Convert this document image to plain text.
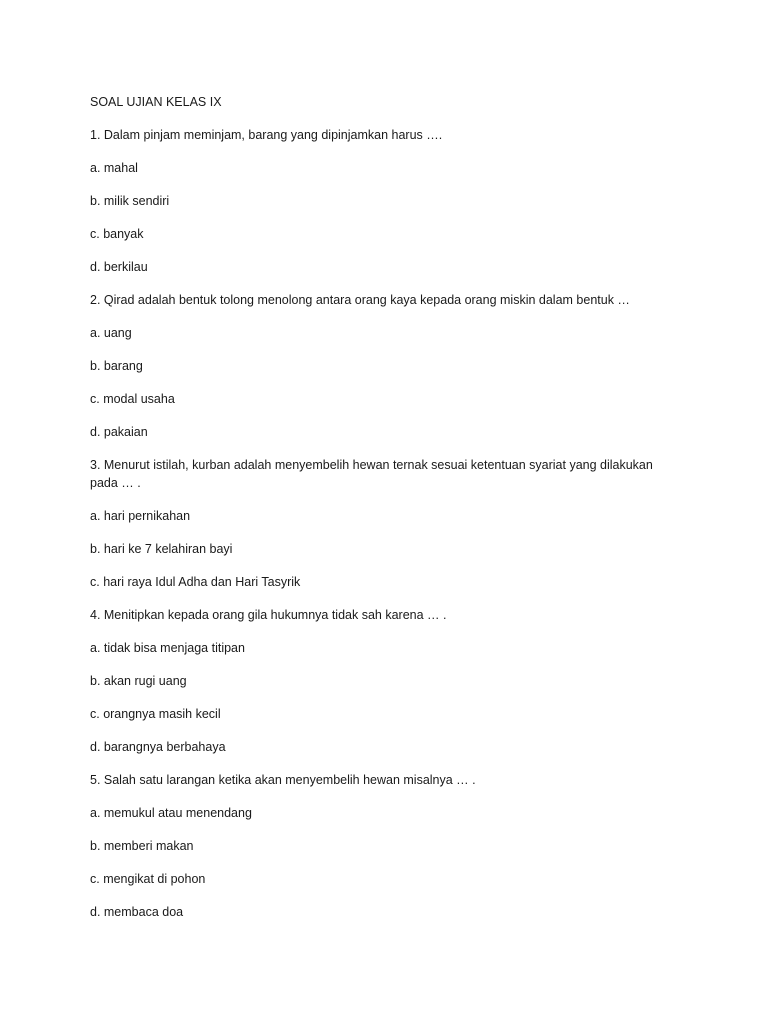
SOAL UJIAN KELAS IX

1. Dalam pinjam meminjam, barang yang dipinjamkan harus ….

a. mahal

b. milik sendiri

c. banyak

d. berkilau

2. Qirad adalah bentuk tolong menolong antara orang kaya kepada orang miskin dalam bentuk …

a. uang

b. barang

c. modal usaha

d. pakaian

3. Menurut istilah, kurban adalah menyembelih hewan ternak sesuai ketentuan syariat yang dilakukan pada … .

a. hari pernikahan

b. hari ke 7 kelahiran bayi

c. hari raya Idul Adha dan Hari Tasyrik

4. Menitipkan kepada orang gila hukumnya tidak sah karena … .

a. tidak bisa menjaga titipan

b. akan rugi uang

c. orangnya masih kecil

d. barangnya berbahaya

5. Salah satu larangan ketika akan menyembelih hewan misalnya … .

a. memukul atau menendang

b. memberi makan

c. mengikat di pohon

d. membaca doa
